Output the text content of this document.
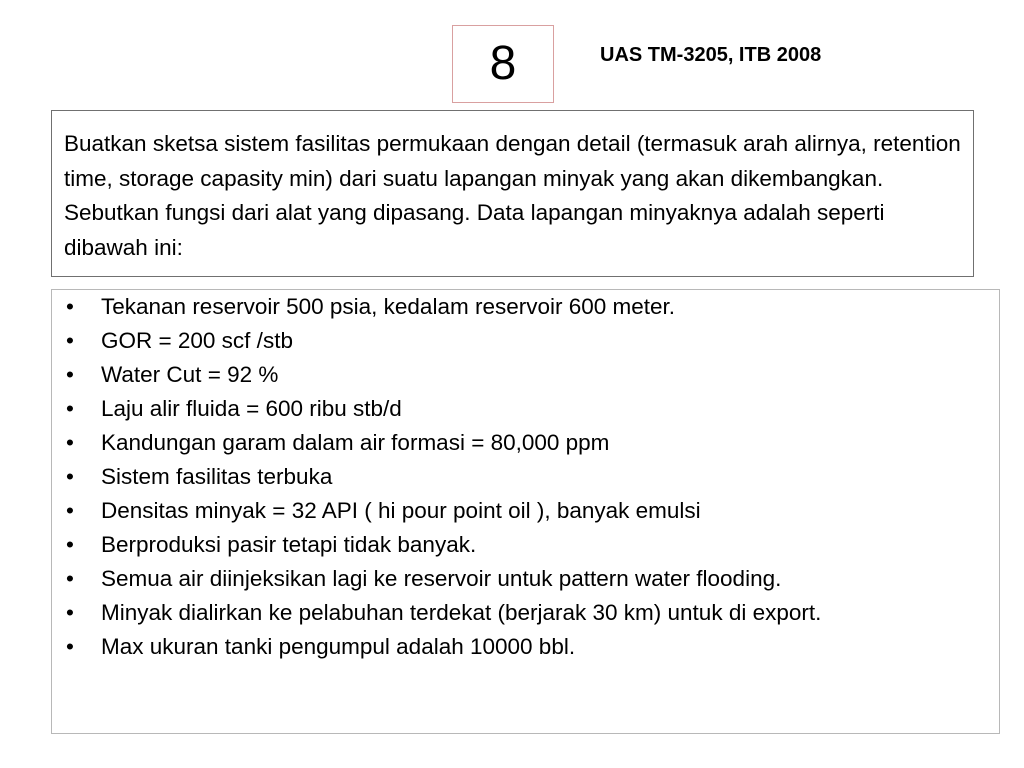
8	UAS TM-3205, ITB 2008
Buatkan sketsa sistem fasilitas permukaan dengan detail (termasuk arah alirnya, retention time, storage capasity min) dari suatu lapangan minyak yang akan dikembangkan. Sebutkan fungsi dari alat yang dipasang. Data lapangan minyaknya adalah seperti dibawah ini:
• Tekanan reservoir 500 psia, kedalam reservoir 600 meter.
• GOR = 200 scf /stb
• Water Cut = 92 %
• Laju alir fluida = 600 ribu stb/d
• Kandungan garam dalam air formasi = 80,000 ppm
• Sistem fasilitas terbuka
• Densitas minyak = 32 API ( hi pour point oil ), banyak emulsi
• Berproduksi pasir tetapi tidak banyak.
• Semua air diinjeksikan lagi ke reservoir untuk pattern water flooding.
• Minyak dialirkan ke pelabuhan terdekat (berjarak 30 km) untuk di export.
• Max ukuran tanki pengumpul adalah 10000 bbl.
